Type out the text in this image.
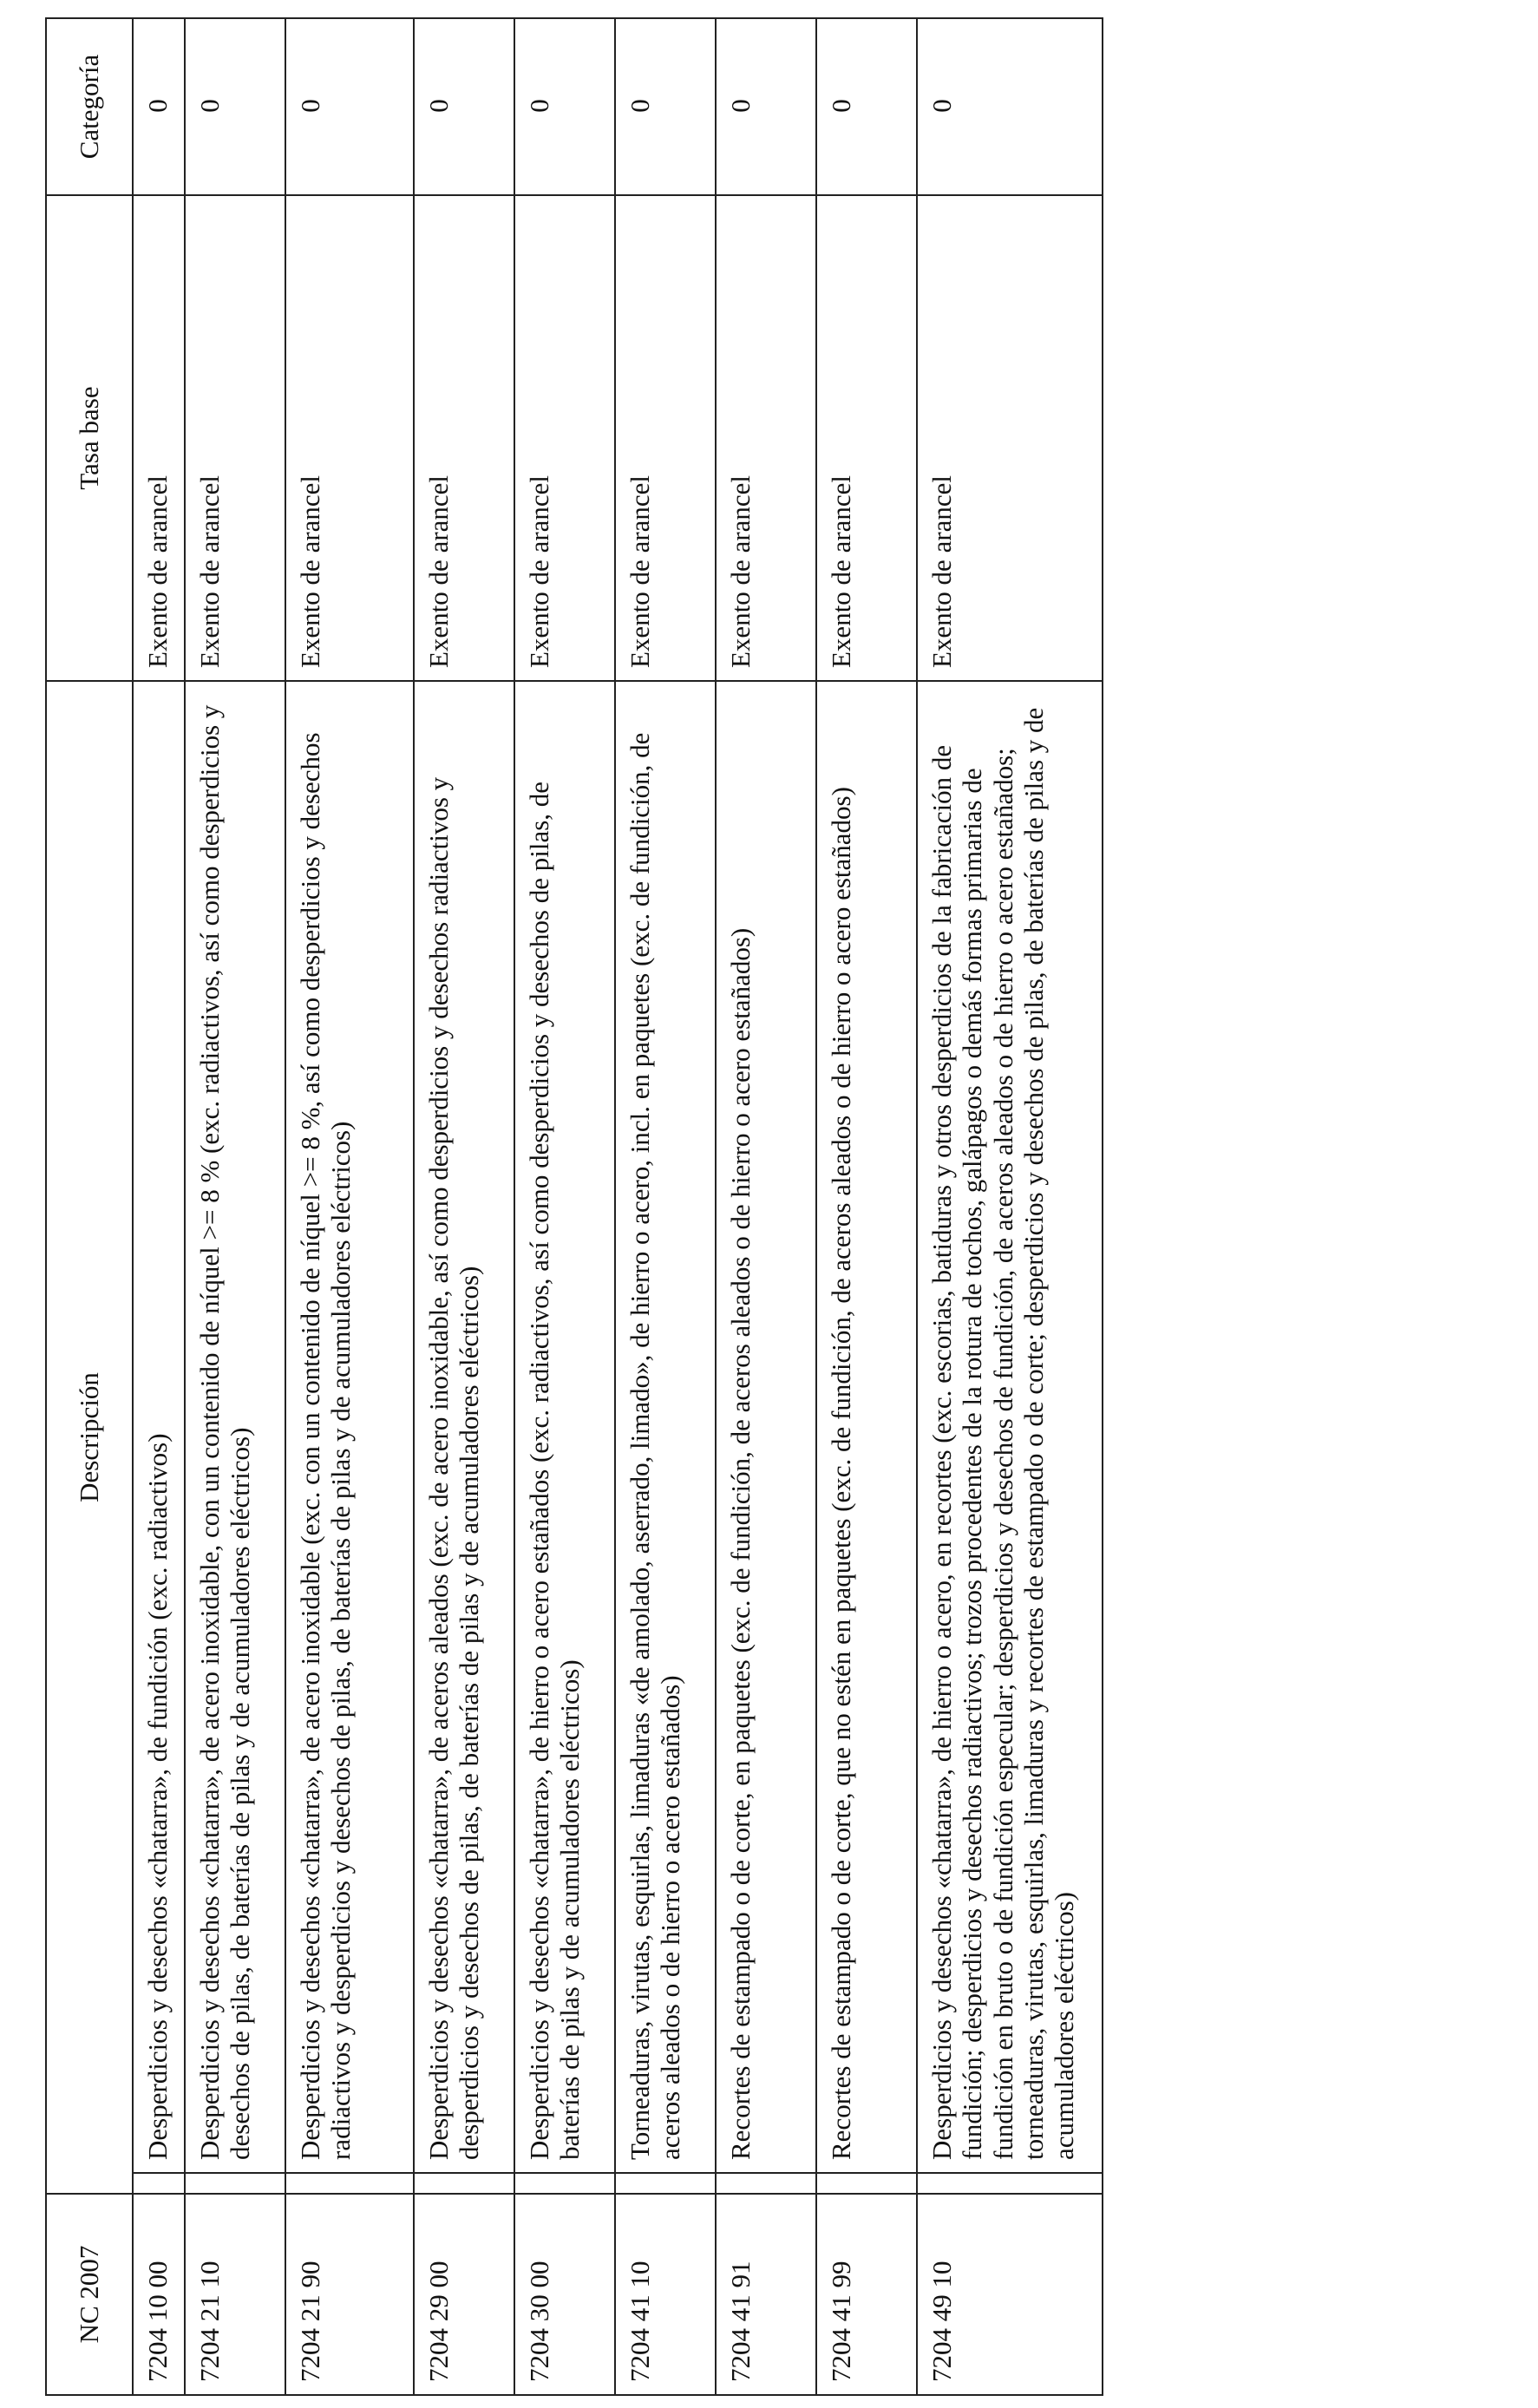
NC 2007	Descripción		Tasa base	Categoría
7204 10 00		Desperdicios y desechos «chatarra», de fundición (exc. radiactivos)	Exento de arancel	0
7204 21 10		Desperdicios y desechos «chatarra», de acero inoxidable, con un contenido de níquel >= 8 % (exc. radiactivos, así como desperdicios y desechos de pilas, de baterías de pilas y de acumuladores eléctricos)	Exento de arancel	0
7204 21 90		Desperdicios y desechos «chatarra», de acero inoxidable (exc. con un contenido de níquel >= 8 %, así como desperdicios y desechos radiactivos y desperdicios y desechos de pilas, de baterías de pilas y de acumuladores eléctricos)	Exento de arancel	0
7204 29 00		Desperdicios y desechos «chatarra», de aceros aleados (exc. de acero inoxidable, así como desperdicios y desechos radiactivos y desperdicios y desechos de pilas, de baterías de pilas y de acumuladores eléctricos)	Exento de arancel	0
7204 30 00		Desperdicios y desechos «chatarra», de hierro o acero estañados (exc. radiactivos, así como desperdicios y desechos de pilas, de baterías de pilas y de acumuladores eléctricos)	Exento de arancel	0
7204 41 10		Torneaduras, virutas, esquirlas, limaduras «de amolado, aserrado, limado», de hierro o acero, incl. en paquetes (exc. de fundición, de aceros aleados o de hierro o acero estañados)	Exento de arancel	0
7204 41 91		Recortes de estampado o de corte, en paquetes (exc. de fundición, de aceros aleados o de hierro o acero estañados)	Exento de arancel	0
7204 41 99		Recortes de estampado o de corte, que no estén en paquetes (exc. de fundición, de aceros aleados o de hierro o acero estañados)	Exento de arancel	0
7204 49 10		Desperdicios y desechos «chatarra», de hierro o acero, en recortes (exc. escorias, batiduras y otros desperdicios de la fabricación de fundición; desperdicios y desechos radiactivos; trozos procedentes de la rotura de tochos, galápagos o demás formas primarias de fundición en bruto o de fundición especular; desperdicios y desechos de fundición, de aceros aleados o de hierro o acero estañados; torneaduras, virutas, esquirlas, limaduras y recortes de estampado o de corte; desperdicios y desechos de pilas, de baterías de pilas y de acumuladores eléctricos)	Exento de arancel	0
